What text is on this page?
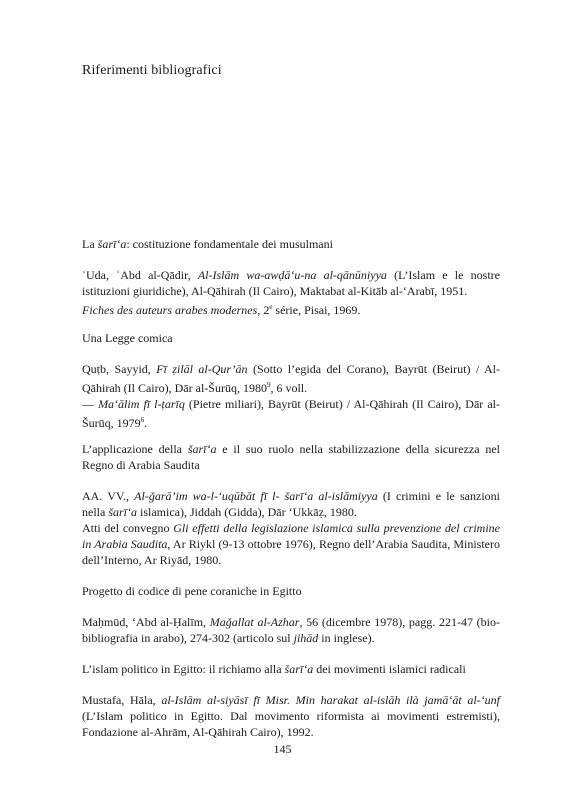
Riferimenti bibliografici

La šarī‘a: costituzione fondamentale dei musulmani

ʿUda, ʿAbd al-Qādir, Al-Islām wa-awḍā‘u-na al-qānūniyya (L’Islam e le nostre istituzioni giuridiche), Al-Qāhirah (Il Cairo), Maktabat al-Kitāb al-‘Arabī, 1951.

Fiches des auteurs arabes modernes, 2e série, Pisai, 1969.

Una Legge comica

Quṭb, Sayyid, Fī ẓilāl al-Qur’ān (Sotto l’egida del Corano), Bayrūt (Beirut) / Al-Qāhirah (Il Cairo), Dār al-Šurūq, 1980$^9$, 6 voll.

— Ma‘ālim fī l-ṭarīq (Pietre miliari), Bayrūt (Beirut) / Al-Qāhirah (Il Cairo), Dār al-Šurūq, 1979$^6$.

L’applicazione della šarī‘a e il suo ruolo nella stabilizzazione della sicurezza nel Regno di Arabia Saudita

AA. VV., Al-ǧarā’im wa-l-‘uqūbāt fī l- šarī‘a al-islāmiyya (I crimini e le sanzioni nella šarī‘a islamica), Jiddah (Gidda), Dār ‘Ukkāẓ, 1980.

Atti del convegno Gli effetti della legislazione islamica sulla prevenzione del crimine in Arabia Saudita, Ar Riykl (9-13 ottobre 1976), Regno dell’Arabia Saudita, Ministero dell’Interno, Ar Riyād, 1980.

Progetto di codice di pene coraniche in Egitto

Maḥmūd, ‘Abd al-Ḥalīm, Maǧallat al-Azhar, 56 (dicembre 1978), pagg. 221-47 (bio-bibliografia in arabo), 274-302 (articolo sul jihād in inglese).

L’islam politico in Egitto: il richiamo alla šarī‘a dei movimenti islamici radicali

Mustafa, Hāla, al-Islām al-siyāsī fī Misr. Min harakat al-islāh ilà jamā‘āt al-‘unf (L’Islam politico in Egitto. Dal movimento riformista ai movimenti estremisti), Fondazione al-Ahrām, Al-Qāhirah Cairo), 1992.

145
